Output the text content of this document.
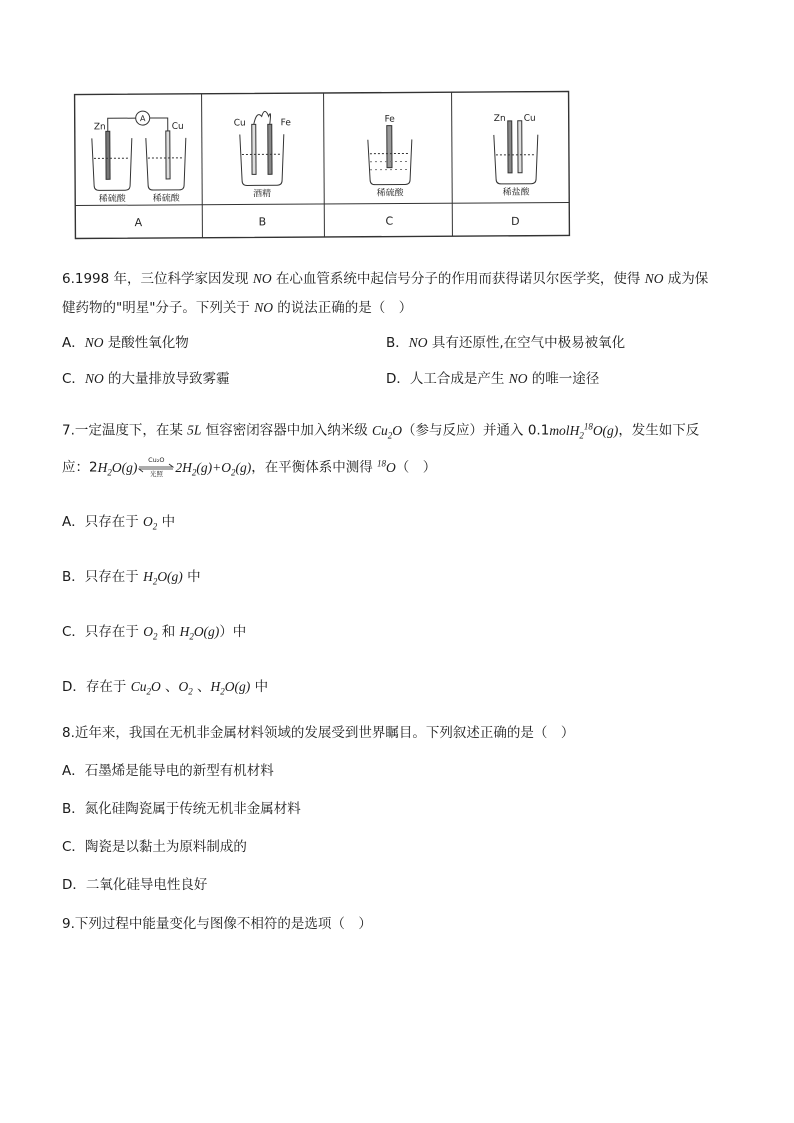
A
Zn	Cu
稀硫酸	稀硫酸
A
Cu	Fe
酒精
B
Fe
稀硫酸
C
Zn Cu
稀盐酸
D
6.1998 年，三位科学家因发现 NO 在心血管系统中起信号分子的作用而获得诺贝尔医学奖，使得 NO 成为保
健药物的"明星"分子。下列关于 NO 的说法正确的是（　）
A．NO 是酸性氧化物	B．NO 具有还原性,在空气中极易被氧化
C．NO 的大量排放导致雾霾	D．人工合成是产生 NO 的唯一途径
7.一定温度下，在某 5L 恒容密闭容器中加入纳米级 $Cu_2O$（参与反应）并通入 0.1molH$_2^{18}$O(g)，发生如下反
应：$2H_2O(g)$	Cu₂O
光照 $2H_2(g)+O_2(g)$，在平衡体系中测得 $^{18}$O（　）
A．只存在于 $O_2$ 中
B．只存在于 $H_2O(g)$ 中
C．只存在于 $O_2$ 和 $H_2O(g)$）中
D．存在于 $Cu_2O$ 、$O_2$ 、$H_2O(g)$ 中
8.近年来，我国在无机非金属材料领域的发展受到世界瞩目。下列叙述正确的是（　）
A．石墨烯是能导电的新型有机材料
B．氮化硅陶瓷属于传统无机非金属材料
C．陶瓷是以黏土为原料制成的
D．二氧化硅导电性良好
9.下列过程中能量变化与图像不相符的是选项（　）
